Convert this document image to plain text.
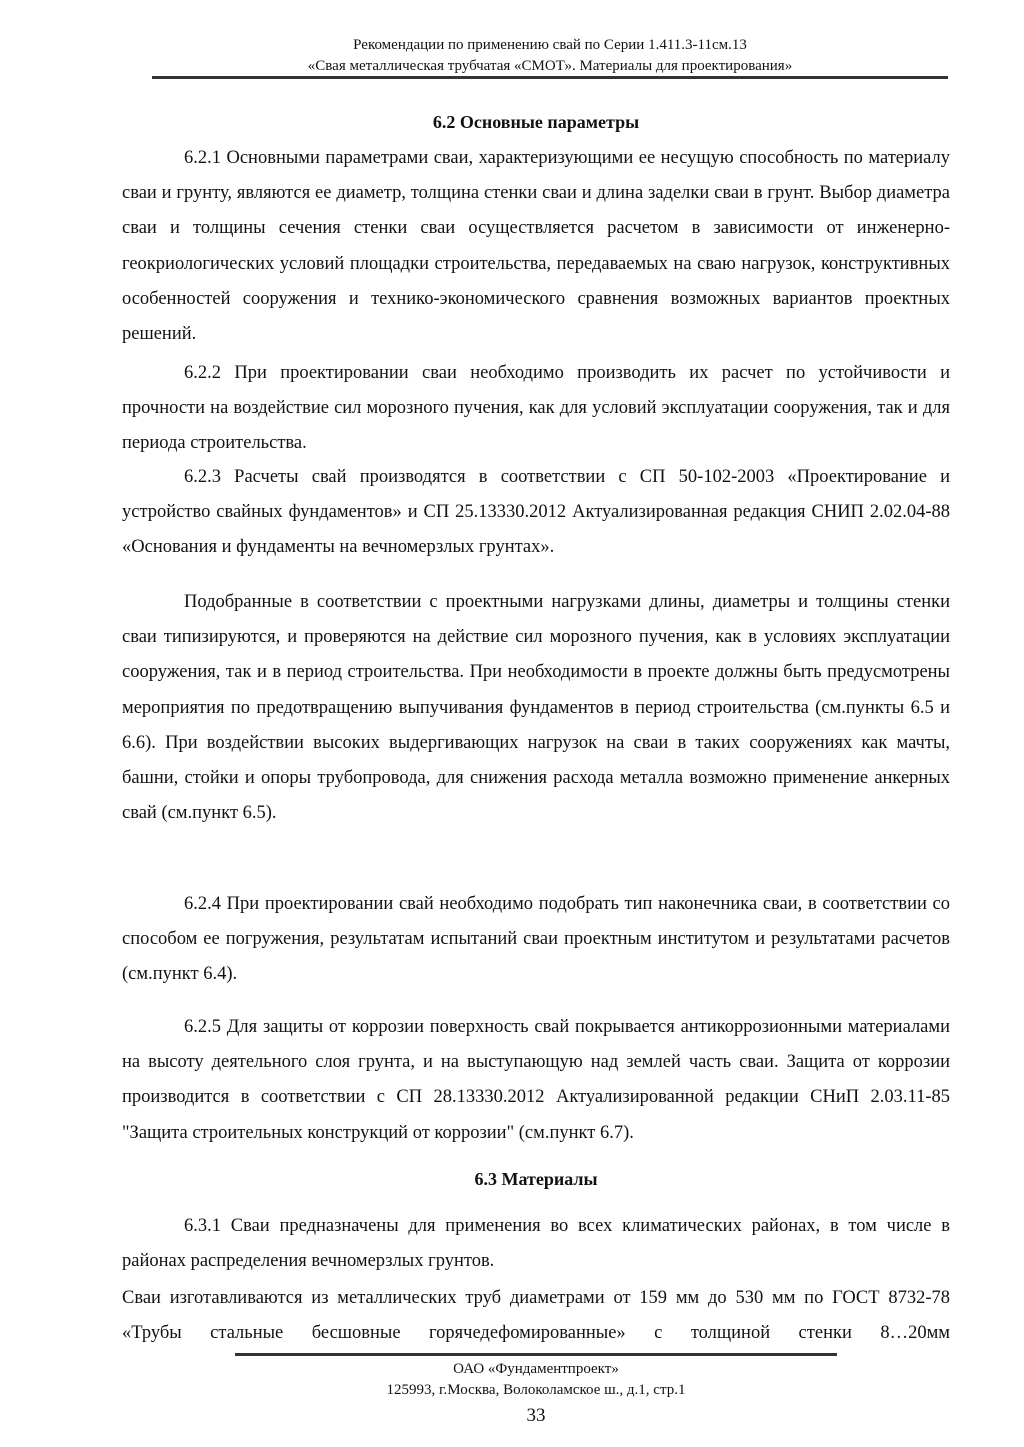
Рекомендации по применению свай по Серии 1.411.3-11см.13
«Свая металлическая трубчатая «СМОТ». Материалы для проектирования»
6.2 Основные параметры

6.2.1 Основными параметрами сваи, характеризующими ее несущую способность по материалу сваи и грунту, являются ее диаметр, толщина стенки сваи и длина заделки сваи в грунт. Выбор диаметра сваи и толщины сечения стенки сваи осуществляется расчетом в зависимости от инженерно-геокриологических условий площадки строительства, передаваемых на сваю нагрузок, конструктивных особенностей сооружения и технико-экономического сравнения возможных вариантов проектных решений.

6.2.2 При проектировании сваи необходимо производить их расчет по устойчивости и прочности на воздействие сил морозного пучения, как для условий эксплуатации сооружения, так и для периода строительства.

6.2.3 Расчеты свай производятся в соответствии с СП 50-102-2003 «Проектирование и устройство свайных фундаментов» и СП 25.13330.2012 Актуализированная редакция СНИП 2.02.04-88 «Основания и фундаменты на вечномерзлых грунтах».

Подобранные в соответствии с проектными нагрузками длины, диаметры и толщины стенки сваи типизируются, и проверяются на действие сил морозного пучения, как в условиях эксплуатации сооружения, так и в период строительства. При необходимости в проекте должны быть предусмотрены мероприятия по предотвращению выпучивания фундаментов в период строительства (см.пункты 6.5 и 6.6). При воздействии высоких выдергивающих нагрузок на сваи в таких сооружениях как мачты, башни, стойки и опоры трубопровода, для снижения расхода металла возможно применение анкерных свай (см.пункт 6.5).

6.2.4 При проектировании свай необходимо подобрать тип наконечника сваи, в соответствии со способом ее погружения, результатам испытаний сваи проектным институтом и результатами расчетов (см.пункт 6.4).

6.2.5 Для защиты от коррозии поверхность свай покрывается антикоррозионными материалами на высоту деятельного слоя грунта, и на выступающую над землей часть сваи. Защита от коррозии производится в соответствии с СП 28.13330.2012 Актуализированной редакции СНиП 2.03.11-85 "Защита строительных конструкций от коррозии" (см.пункт 6.7).

6.3 Материалы

6.3.1 Сваи предназначены для применения во всех климатических районах, в том числе в районах распределения вечномерзлых грунтов.

Сваи изготавливаются из металлических труб диаметрами от 159 мм до 530 мм по ГОСТ 8732-78 «Трубы стальные бесшовные горячедефомированные» с толщиной стенки 8…20мм

ОАО «Фундаментпроект»
125993, г.Москва, Волоколамское ш., д.1, стр.1
33
